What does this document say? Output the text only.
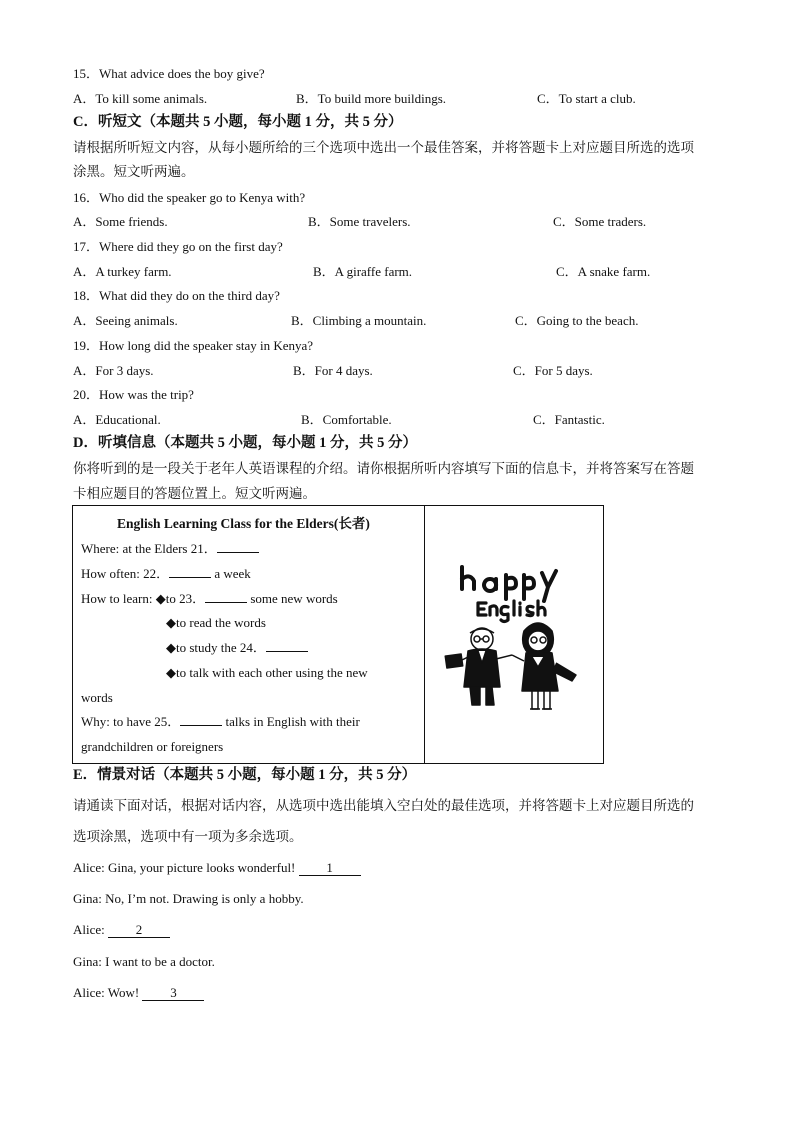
15．What advice does the boy give?
A．To kill some animals.	B．To build more buildings.	C．To start a club.
C．听短文（本题共 5 小题，每小题 1 分，共 5 分）
请根据所听短文内容，从每小题所给的三个选项中选出一个最佳答案，并将答题卡上对应题目所选的选项
涂黑。短文听两遍。
16．Who did the speaker go to Kenya with?
A．Some friends.	B．Some travelers.	C．Some traders.
17．Where did they go on the first day?
A．A turkey farm.	B．A giraffe farm.	C．A snake farm.
18．What did they do on the third day?
A．Seeing animals.	B．Climbing a mountain.	C．Going to the beach.
19．How long did the speaker stay in Kenya?
A．For 3 days.	B．For 4 days.	C．For 5 days.
20．How was the trip?
A．Educational.	B．Comfortable.	C．Fantastic.
D．听填信息（本题共 5 小题，每小题 1 分，共 5 分）
你将听到的是一段关于老年人英语课程的介绍。请你根据所听内容填写下面的信息卡，并将答案写在答题
卡相应题目的答题位置上。短文听两遍。
English Learning Class for the Elders(长者)
Where: at the Elders 21．
How often: 22．	a week
How to learn: ◆to 23．	some new words
◆to read the words
◆to study the 24．
◆to talk with each other using the new
words
Why: to have 25．	talks in English with their
grandchildren or foreigners
E．情景对话（本题共 5 小题，每小题 1 分，共 5 分）
请通读下面对话，根据对话内容，从选项中选出能填入空白处的最佳选项，并将答题卡上对应题目所选的
选项涂黑，选项中有一项为多余选项。
Alice: Gina, your picture looks wonderful! 1
Gina: No, I’m not. Drawing is only a hobby.
Alice: 2
Gina: I want to be a doctor.
Alice: Wow! 3
